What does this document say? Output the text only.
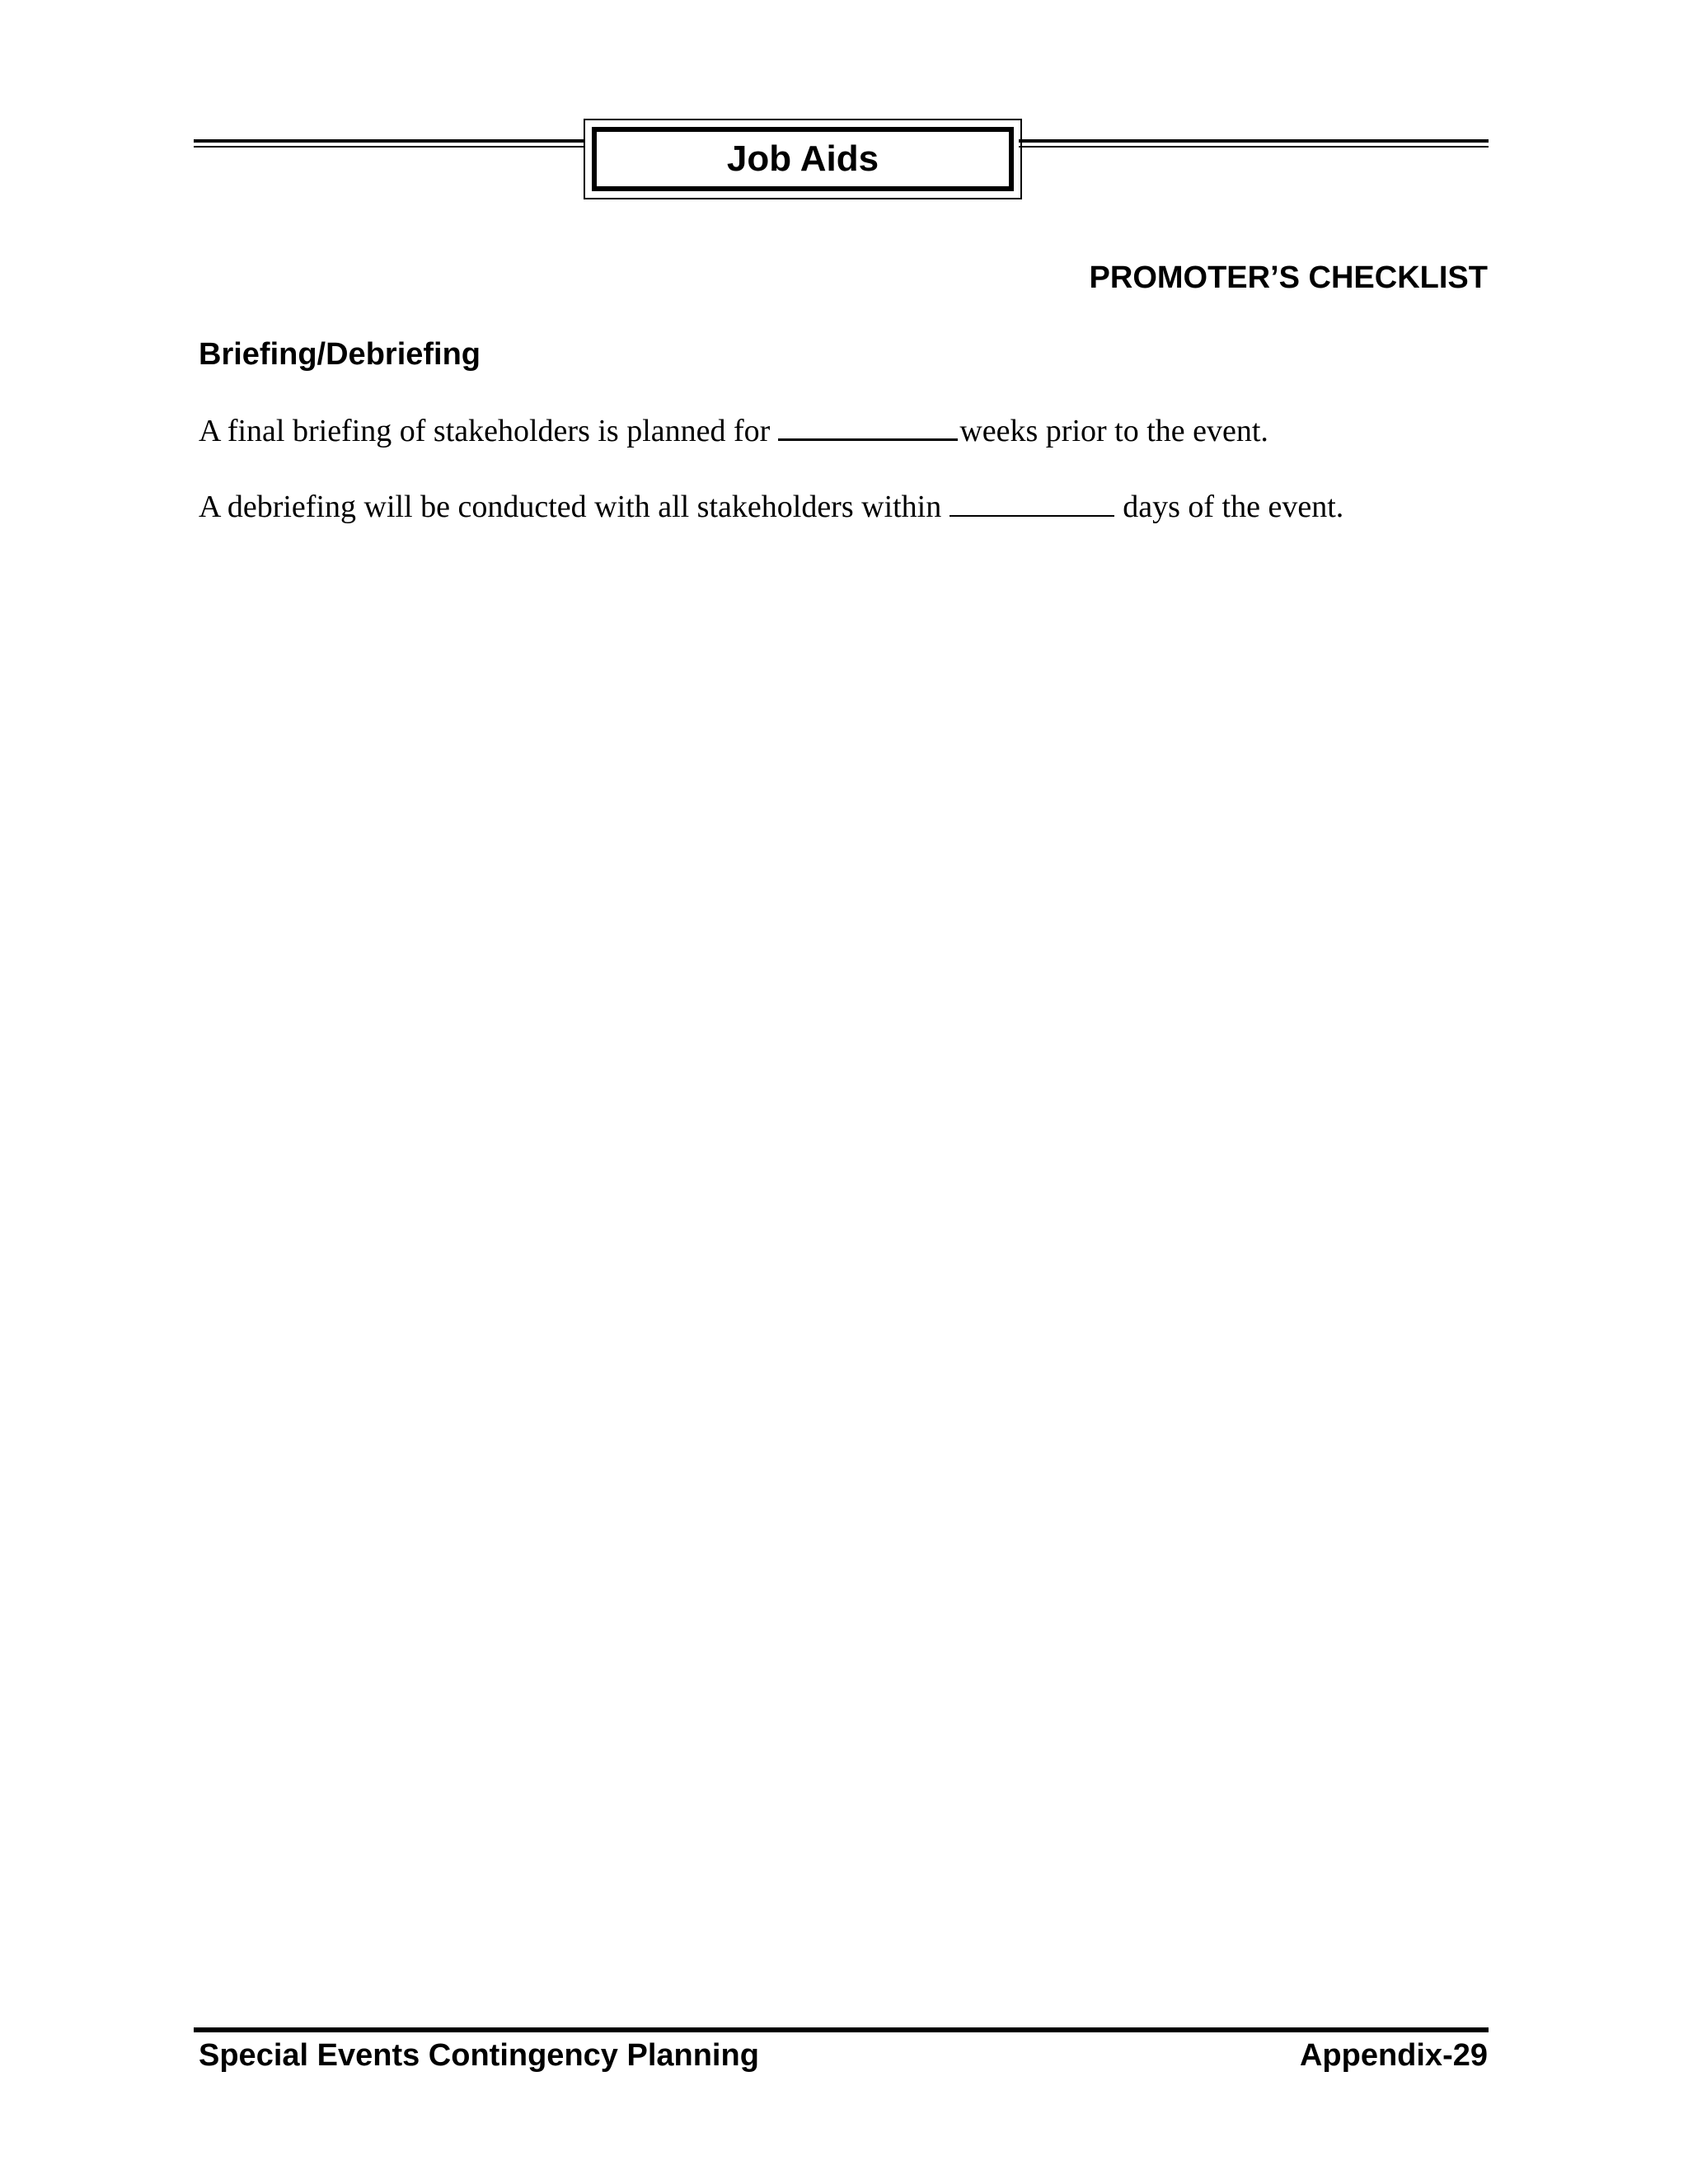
Job Aids
PROMOTER’S CHECKLIST
Briefing/Debriefing
A final briefing of stakeholders is planned for	weeks prior to the event.
A debriefing will be conducted with all stakeholders within	days of the event.
Special Events Contingency Planning	Appendix-29
